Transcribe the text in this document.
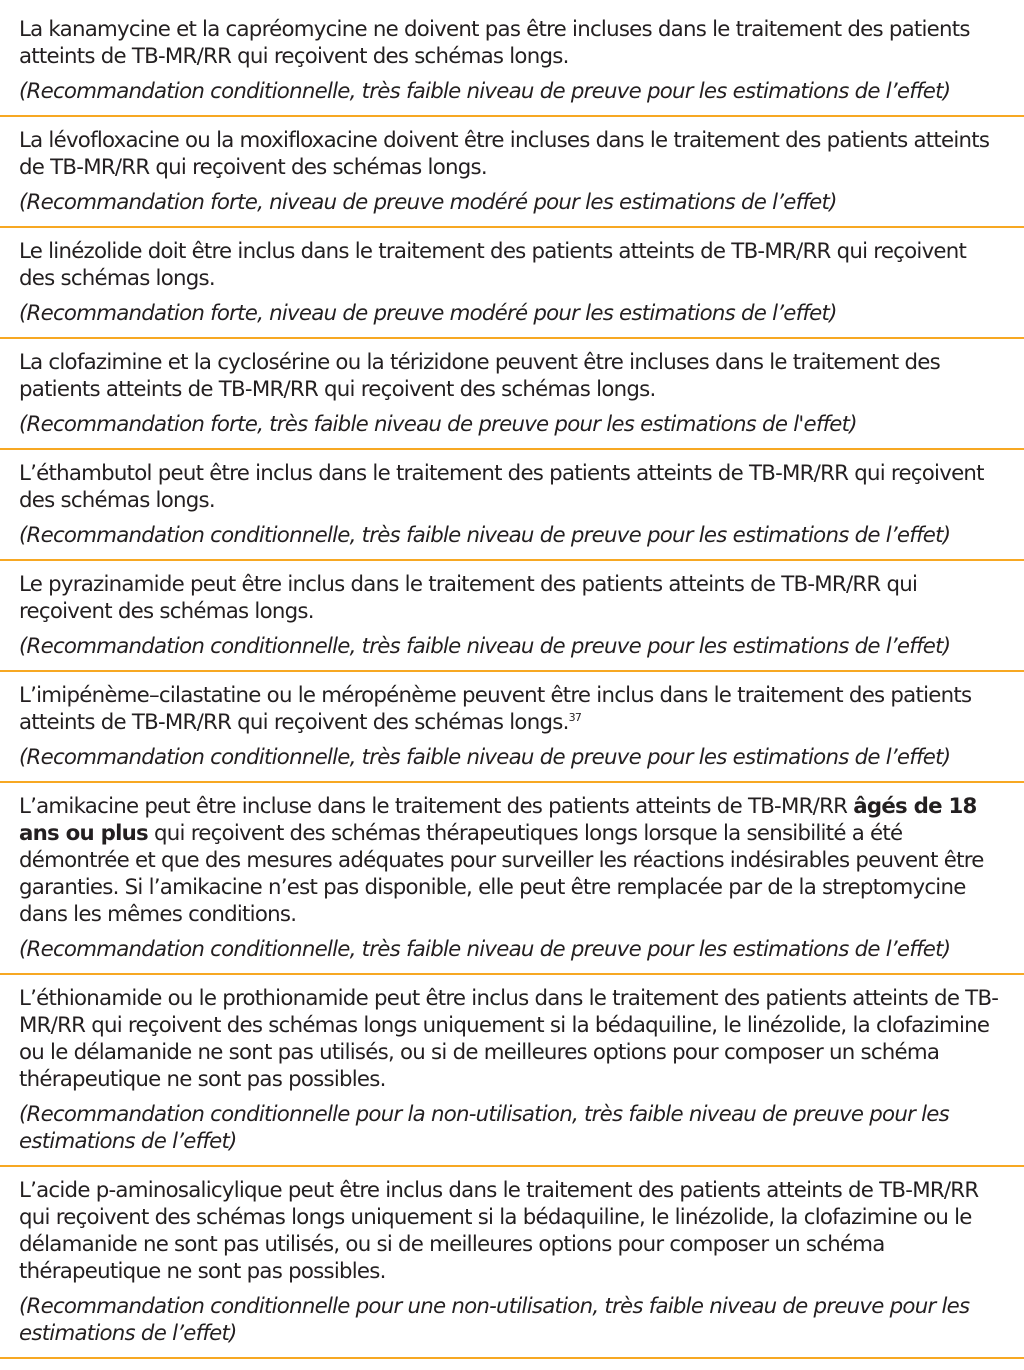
La kanamycine et la capréomycine ne doivent pas être incluses dans le traitement des patients atteints de TB-MR/RR qui reçoivent des schémas longs.

(Recommandation conditionnelle, très faible niveau de preuve pour les estimations de l’effet)

La lévofloxacine ou la moxifloxacine doivent être incluses dans le traitement des patients atteints de TB-MR/RR qui reçoivent des schémas longs.

(Recommandation forte, niveau de preuve modéré pour les estimations de l’effet)

Le linézolide doit être inclus dans le traitement des patients atteints de TB-MR/RR qui reçoivent des schémas longs.

(Recommandation forte, niveau de preuve modéré pour les estimations de l’effet)

La clofazimine et la cyclosérine ou la térizidone peuvent être incluses dans le traitement des patients atteints de TB-MR/RR qui reçoivent des schémas longs.

(Recommandation forte, très faible niveau de preuve pour les estimations de l'effet)

L’éthambutol peut être inclus dans le traitement des patients atteints de TB-MR/RR qui reçoivent des schémas longs.

(Recommandation conditionnelle, très faible niveau de preuve pour les estimations de l’effet)

Le pyrazinamide peut être inclus dans le traitement des patients atteints de TB-MR/RR qui reçoivent des schémas longs.

(Recommandation conditionnelle, très faible niveau de preuve pour les estimations de l’effet)

L’imipénème–cilastatine ou le méropénème peuvent être inclus dans le traitement des patients atteints de TB-MR/RR qui reçoivent des schémas longs.$^{37}$

(Recommandation conditionnelle, très faible niveau de preuve pour les estimations de l’effet)

L’amikacine peut être incluse dans le traitement des patients atteints de TB-MR/RR âgés de 18 ans ou plus qui reçoivent des schémas thérapeutiques longs lorsque la sensibilité a été démontrée et que des mesures adéquates pour surveiller les réactions indésirables peuvent être garanties. Si l’amikacine n’est pas disponible, elle peut être remplacée par de la streptomycine dans les mêmes conditions.

(Recommandation conditionnelle, très faible niveau de preuve pour les estimations de l’effet)

L’éthionamide ou le prothionamide peut être inclus dans le traitement des patients atteints de TB-MR/RR qui reçoivent des schémas longs uniquement si la bédaquiline, le linézolide, la clofazimine ou le délamanide ne sont pas utilisés, ou si de meilleures options pour composer un schéma thérapeutique ne sont pas possibles.

(Recommandation conditionnelle pour la non-utilisation, très faible niveau de preuve pour les estimations de l’effet)

L’acide p-aminosalicylique peut être inclus dans le traitement des patients atteints de TB-MR/RR qui reçoivent des schémas longs uniquement si la bédaquiline, le linézolide, la clofazimine ou le délamanide ne sont pas utilisés, ou si de meilleures options pour composer un schéma thérapeutique ne sont pas possibles.

(Recommandation conditionnelle pour une non-utilisation, très faible niveau de preuve pour les estimations de l’effet)
